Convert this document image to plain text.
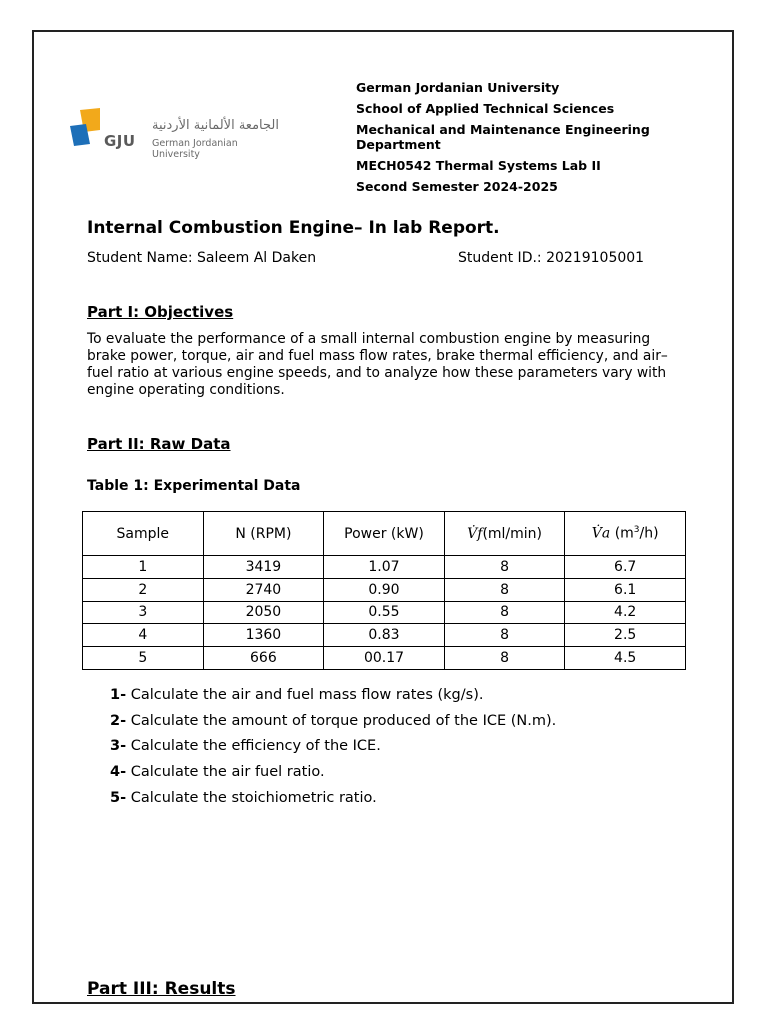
GJU
الجامعة الألمانية الأردنية
German Jordanian University
German Jordanian University
School of Applied Technical Sciences
Mechanical and Maintenance Engineering Department
MECH0542 Thermal Systems Lab II
Second Semester 2024-2025
Internal Combustion Engine– In lab Report.
Student Name: Saleem Al Daken	Student ID.: 20219105001
Part I: Objectives
To evaluate the performance of a small internal combustion engine by measuring brake power, torque, air and fuel mass flow rates, brake thermal efficiency, and air–fuel ratio at various engine speeds, and to analyze how these parameters vary with engine operating conditions.
Part II: Raw Data
Table 1: Experimental Data
Sample	N (RPM)	Power (kW)	V̇f(ml/min)	V̇a $(m^3/h)$
1	3419	1.07	8	6.7
2	2740	0.90	8	6.1
3	2050	0.55	8	4.2
4	1360	0.83	8	2.5
5	666	00.17	8	4.5
1- Calculate the air and fuel mass flow rates (kg/s).
2- Calculate the amount of torque produced of the ICE (N.m).
3- Calculate the efficiency of the ICE.
4- Calculate the air fuel ratio.
5- Calculate the stoichiometric ratio.
Part III: Results
